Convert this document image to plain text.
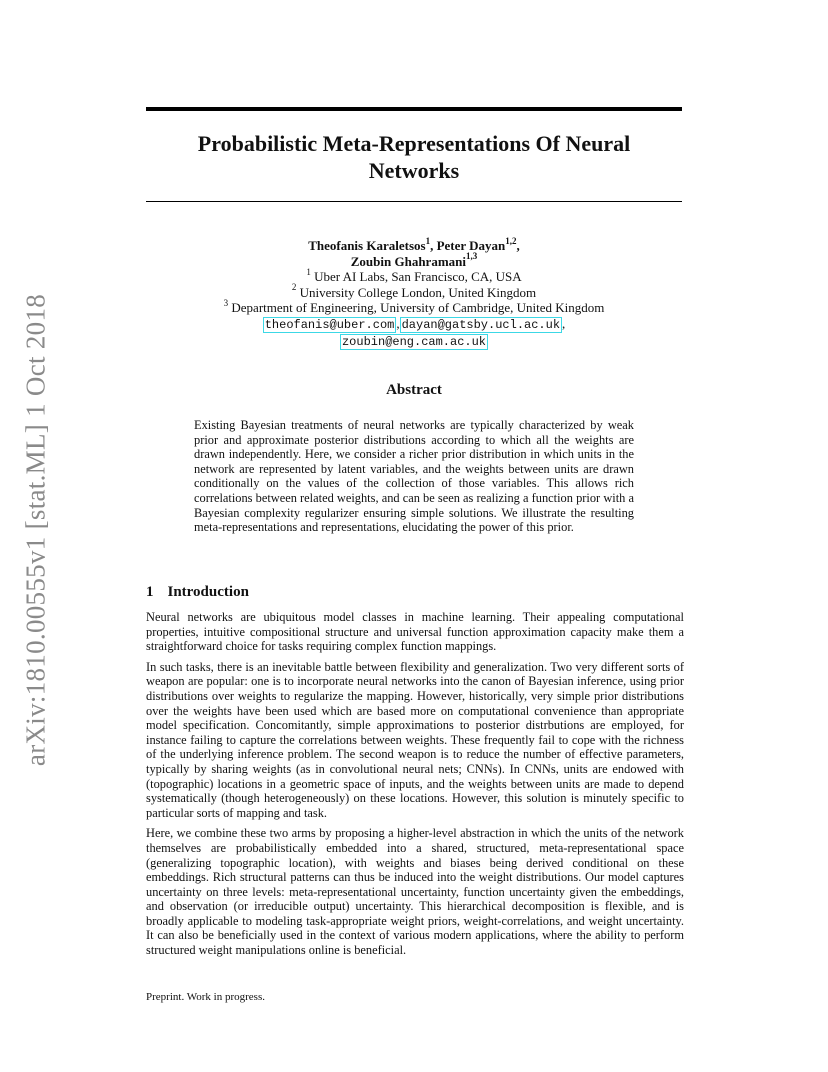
arXiv:1810.00555v1 [stat.ML] 1 Oct 2018
Probabilistic Meta-Representations Of Neural
Networks
Theofanis Karaletsos$^1$, Peter Dayan$^{1,2}$,
Zoubin Ghahramani$^{1,3}$
$^1$ Uber AI Labs, San Francisco, CA, USA
$^2$ University College London, United Kingdom
$^3$ Department of Engineering, University of Cambridge, United Kingdom
theofanis@uber.com , dayan@gatsby.ucl.ac.uk ,
zoubin@eng.cam.ac.uk
Abstract

Existing Bayesian treatments of neural networks are typically characterized by weak prior and approximate posterior distributions according to which all the weights are drawn independently. Here, we consider a richer prior distribution in which units in the network are represented by latent variables, and the weights between units are drawn conditionally on the values of the collection of those variables. This allows rich correlations between related weights, and can be seen as realizing a function prior with a Bayesian complexity regularizer ensuring simple solutions. We illustrate the resulting meta-representations and representations, elucidating the power of this prior.

1 Introduction

Neural networks are ubiquitous model classes in machine learning. Their appealing computational properties, intuitive compositional structure and universal function approximation capacity make them a straightforward choice for tasks requiring complex function mappings.

In such tasks, there is an inevitable battle between flexibility and generalization. Two very different sorts of weapon are popular: one is to incorporate neural networks into the canon of Bayesian inference, using prior distributions over weights to regularize the mapping. However, historically, very simple prior distributions over the weights have been used which are based more on computational convenience than appropriate model specification. Concomitantly, simple approximations to posterior distrbutions are employed, for instance failing to capture the correlations between weights. These frequently fail to cope with the richness of the underlying inference problem. The second weapon is to reduce the number of effective parameters, typically by sharing weights (as in convolutional neural nets; CNNs). In CNNs, units are endowed with (topographic) locations in a geometric space of inputs, and the weights between units are made to depend systematically (though heterogeneously) on these locations. However, this solution is minutely specific to particular sorts of mapping and task.

Here, we combine these two arms by proposing a higher-level abstraction in which the units of the network themselves are probabilistically embedded into a shared, structured, meta-representational space (generalizing topographic location), with weights and biases being derived conditional on these embeddings. Rich structural patterns can thus be induced into the weight distributions. Our model captures uncertainty on three levels: meta-representational uncertainty, function uncertainty given the embeddings, and observation (or irreducible output) uncertainty. This hierarchical decomposition is flexible, and is broadly applicable to modeling task-appropriate weight priors, weight-correlations, and weight uncertainty. It can also be beneficially used in the context of various modern applications, where the ability to perform structured weight manipulations online is beneficial.

Preprint. Work in progress.
